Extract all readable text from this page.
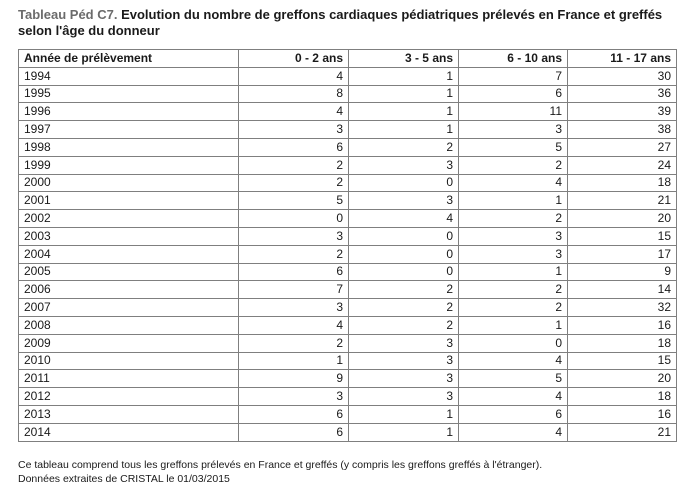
Tableau Péd C7. Evolution du nombre de greffons cardiaques pédiatriques prélevés en France et greffés selon l'âge du donneur
Année de prélèvement	0 - 2 ans	3 - 5 ans	6 - 10 ans	11 - 17 ans
1994	4	1	7	30
1995	8	1	6	36
1996	4	1	11	39
1997	3	1	3	38
1998	6	2	5	27
1999	2	3	2	24
2000	2	0	4	18
2001	5	3	1	21
2002	0	4	2	20
2003	3	0	3	15
2004	2	0	3	17
2005	6	0	1	9
2006	7	2	2	14
2007	3	2	2	32
2008	4	2	1	16
2009	2	3	0	18
2010	1	3	4	15
2011	9	3	5	20
2012	3	3	4	18
2013	6	1	6	16
2014	6	1	4	21
Ce tableau comprend tous les greffons prélevés en France et greffés (y compris les greffons greffés à l'étranger).
Données extraites de CRISTAL le 01/03/2015
